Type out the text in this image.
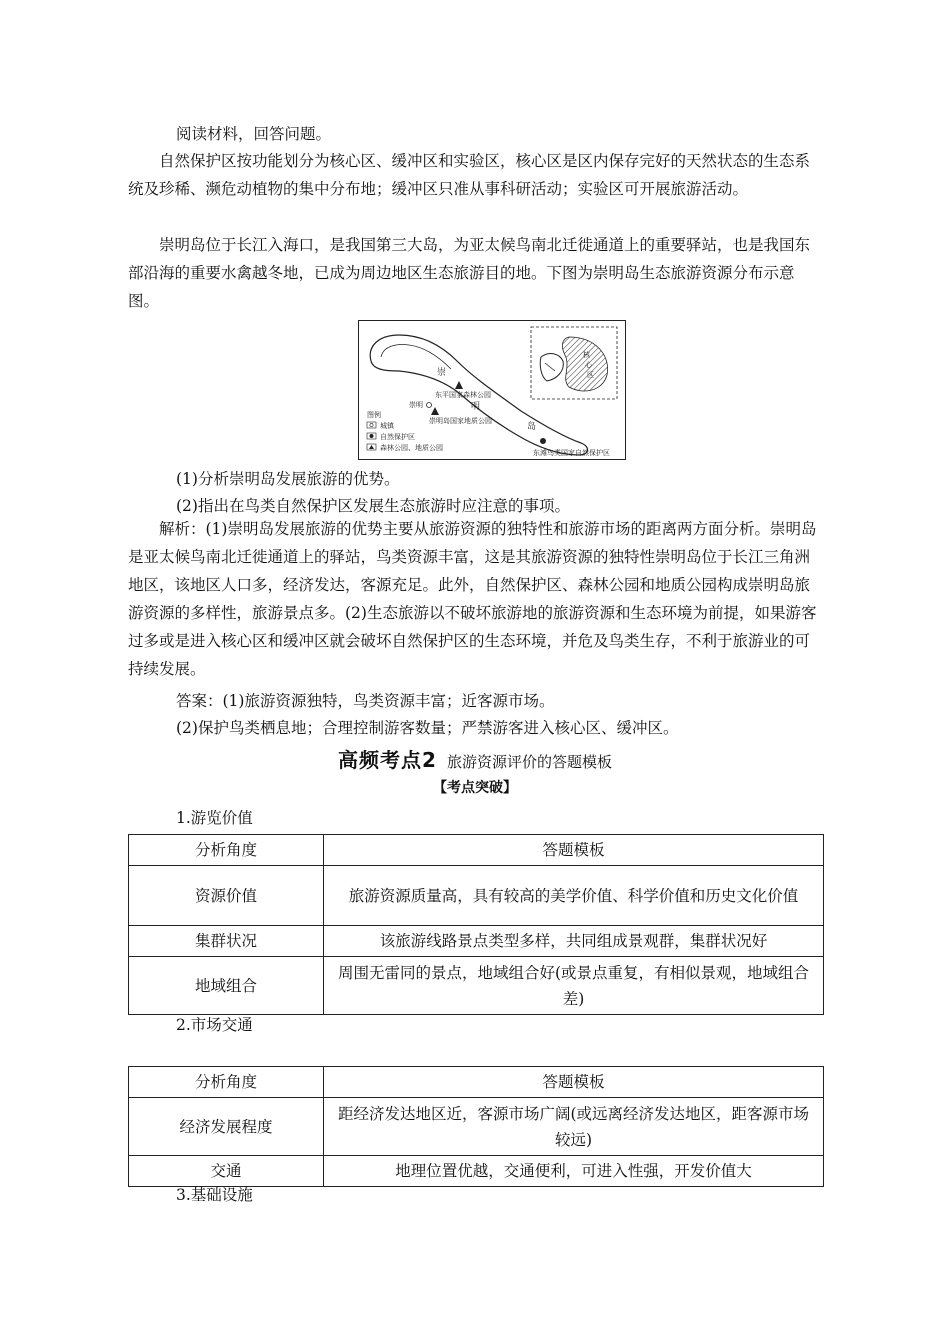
阅读材料，回答问题。

自然保护区按功能划分为核心区、缓冲区和实验区，核心区是区内保存完好的天然状态的生态系统及珍稀、濒危动植物的集中分布地；缓冲区只准从事科研活动；实验区可开展旅游活动。

崇明岛位于长江入海口，是我国第三大岛，为亚太候鸟南北迁徙通道上的重要驿站，也是我国东部沿海的重要水禽越冬地，已成为周边地区生态旅游目的地。下图为崇明岛生态旅游资源分布示意图。

核
心
区
崇
明
岛
东平国家森林公园
崇明
崇明岛国家地质公园
东滩鸟类国家自然保护区
图例
城镇
自然保护区
森林公园、地质公园

(1)分析崇明岛发展旅游的优势。

(2)指出在鸟类自然保护区发展生态旅游时应注意的事项。

解析：(1)崇明岛发展旅游的优势主要从旅游资源的独特性和旅游市场的距离两方面分析。崇明岛是亚太候鸟南北迁徙通道上的驿站，鸟类资源丰富，这是其旅游资源的独特性崇明岛位于长江三角洲地区，该地区人口多，经济发达，客源充足。此外，自然保护区、森林公园和地质公园构成崇明岛旅游资源的多样性，旅游景点多。(2)生态旅游以不破坏旅游地的旅游资源和生态环境为前提，如果游客过多或是进入核心区和缓冲区就会破坏自然保护区的生态环境，并危及鸟类生存，不利于旅游业的可持续发展。

答案：(1)旅游资源独特，鸟类资源丰富；近客源市场。

(2)保护鸟类栖息地；合理控制游客数量；严禁游客进入核心区、缓冲区。

高频考点2 旅游资源评价的答题模板
【考点突破】

1.游览价值

分析角度	答题模板
资源价值	旅游资源质量高，具有较高的美学价值、科学价值和历史文化价值
集群状况	该旅游线路景点类型多样，共同组成景观群，集群状况好
地域组合	周围无雷同的景点，地域组合好(或景点重复，有相似景观，地域组合差)

2.市场交通

分析角度	答题模板
经济发展程度	距经济发达地区近，客源市场广阔(或远离经济发达地区，距客源市场较远)
交通	地理位置优越，交通便利，可进入性强，开发价值大

3.基础设施
